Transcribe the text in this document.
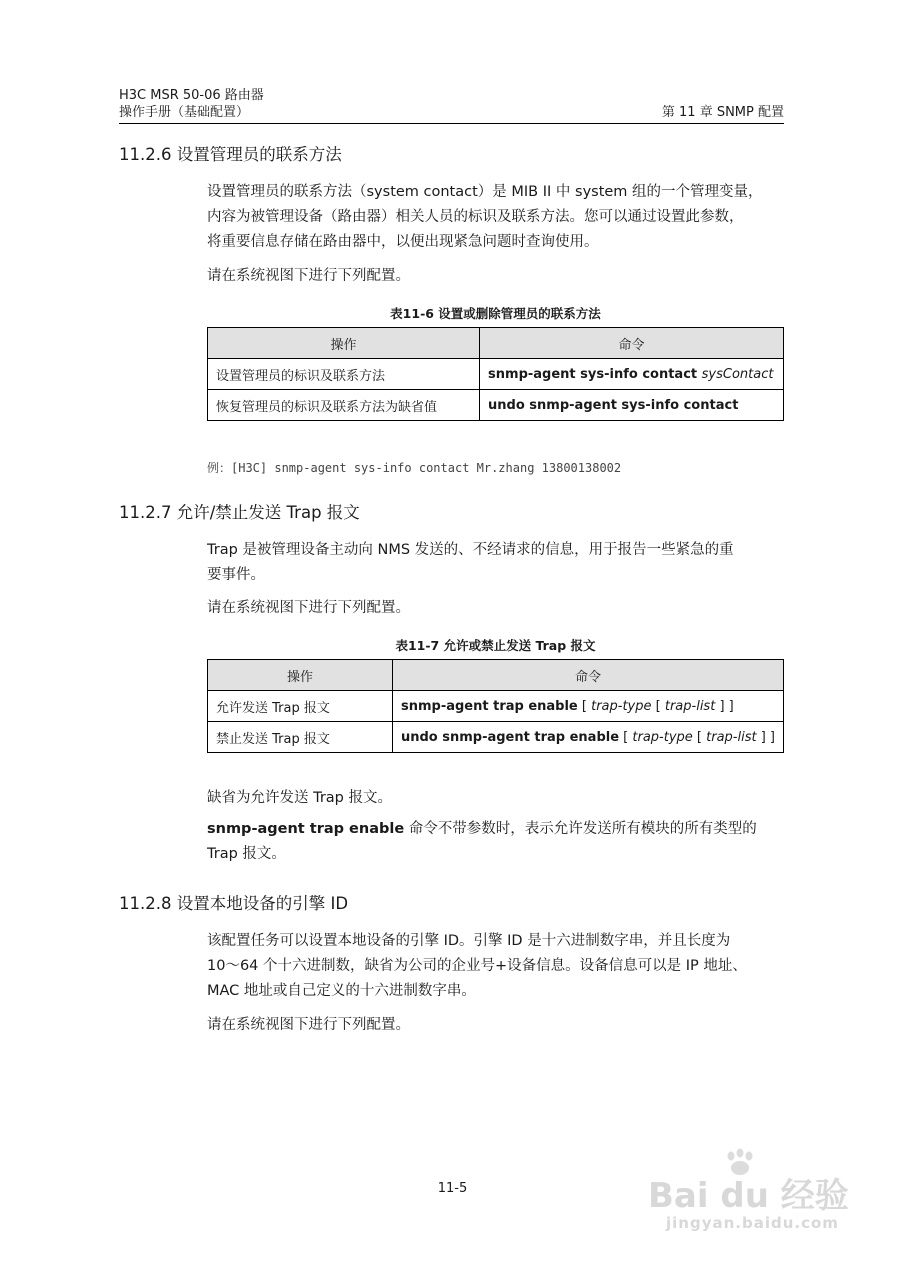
H3C MSR 50-06 路由器
操作手册（基础配置）	第 11 章 SNMP 配置
11.2.6 设置管理员的联系方法
设置管理员的联系方法（system contact）是 MIB II 中 system 组的一个管理变量，
内容为被管理设备（路由器）相关人员的标识及联系方法。您可以通过设置此参数，
将重要信息存储在路由器中，以便出现紧急问题时查询使用。
请在系统视图下进行下列配置。
表11-6 设置或删除管理员的联系方法
操作	命令
设置管理员的标识及联系方法	snmp-agent sys-info contact sysContact
恢复管理员的标识及联系方法为缺省值	undo snmp-agent sys-info contact
例：[H3C] snmp-agent sys-info contact Mr.zhang 13800138002
11.2.7 允许/禁止发送 Trap 报文
Trap 是被管理设备主动向 NMS 发送的、不经请求的信息，用于报告一些紧急的重
要事件。
请在系统视图下进行下列配置。
表11-7 允许或禁止发送 Trap 报文
操作	命令
允许发送 Trap 报文	snmp-agent trap enable [ trap-type [ trap-list ] ]
禁止发送 Trap 报文	undo snmp-agent trap enable [ trap-type [ trap-list ] ]
缺省为允许发送 Trap 报文。
snmp-agent trap enable 命令不带参数时，表示允许发送所有模块的所有类型的
Trap 报文。
11.2.8 设置本地设备的引擎 ID
该配置任务可以设置本地设备的引擎 ID。引擎 ID 是十六进制数字串，并且长度为
10～64 个十六进制数，缺省为公司的企业号+设备信息。设备信息可以是 IP 地址、
MAC 地址或自己定义的十六进制数字串。
请在系统视图下进行下列配置。
11-5	Bai du 经验
jingyan.baidu.com
